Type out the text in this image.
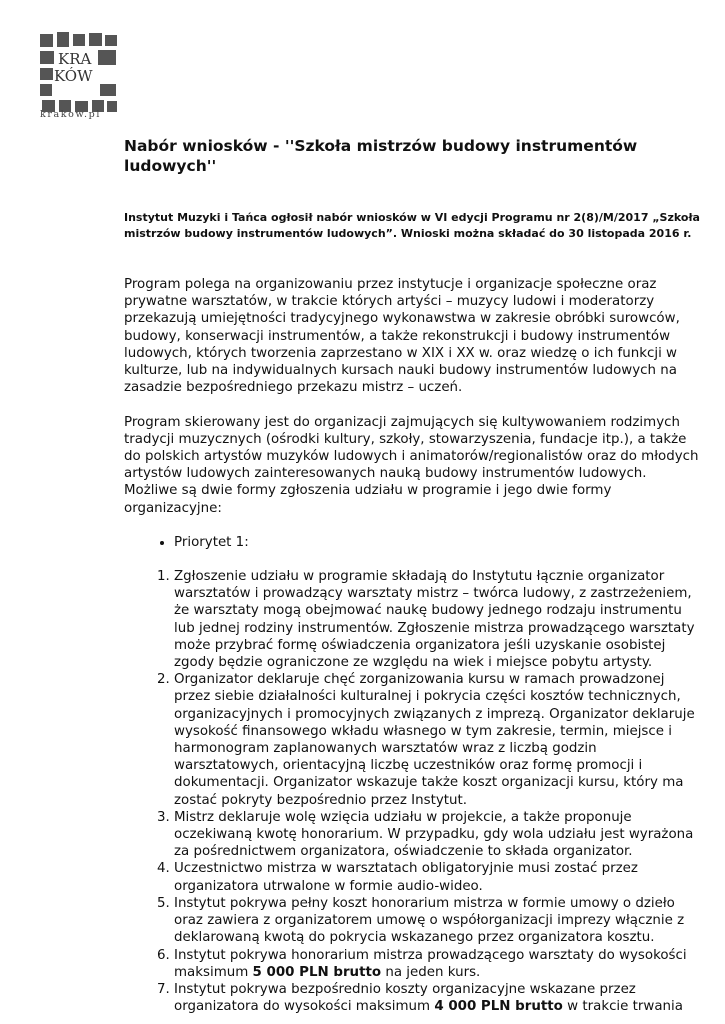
KRA
KÓW
krakow.pl
Nabór wniosków - ''Szkoła mistrzów budowy instrumentów ludowych''
Instytut Muzyki i Tańca ogłosił nabór wniosków w VI edycji Programu nr 2(8)/M/2017 „Szkoła mistrzów budowy instrumentów ludowych”. Wnioski można składać do 30 listopada 2016 r.

Program polega na organizowaniu przez instytucje i organizacje społeczne oraz prywatne warsztatów, w trakcie których artyści – muzycy ludowi i moderatorzy przekazują umiejętności tradycyjnego wykonawstwa w zakresie obróbki surowców, budowy, konserwacji instrumentów, a także rekonstrukcji i budowy instrumentów ludowych, których tworzenia zaprzestano w XIX i XX w. oraz wiedzę o ich funkcji w kulturze, lub na indywidualnych kursach nauki budowy instrumentów ludowych na zasadzie bezpośredniego przekazu mistrz – uczeń.

Program skierowany jest do organizacji zajmujących się kultywowaniem rodzimych tradycji muzycznych (ośrodki kultury, szkoły, stowarzyszenia, fundacje itp.), a także do polskich artystów muzyków ludowych i animatorów/regionalistów oraz do młodych artystów ludowych zainteresowanych nauką budowy instrumentów ludowych. Możliwe są dwie formy zgłoszenia udziału w programie i jego dwie formy organizacyjne:

• Priorytet 1:
1. Zgłoszenie udziału w programie składają do Instytutu łącznie organizator warsztatów i prowadzący warsztaty mistrz – twórca ludowy, z zastrzeżeniem, że warsztaty mogą obejmować naukę budowy jednego rodzaju instrumentu lub jednej rodziny instrumentów. Zgłoszenie mistrza prowadzącego warsztaty może przybrać formę oświadczenia organizatora jeśli uzyskanie osobistej zgody będzie ograniczone ze względu na wiek i miejsce pobytu artysty.
2. Organizator deklaruje chęć zorganizowania kursu w ramach prowadzonej przez siebie działalności kulturalnej i pokrycia części kosztów technicznych, organizacyjnych i promocyjnych związanych z imprezą. Organizator deklaruje wysokość finansowego wkładu własnego w tym zakresie, termin, miejsce i harmonogram zaplanowanych warsztatów wraz z liczbą godzin warsztatowych, orientacyjną liczbę uczestników oraz formę promocji i dokumentacji. Organizator wskazuje także koszt organizacji kursu, który ma zostać pokryty bezpośrednio przez Instytut.
3. Mistrz deklaruje wolę wzięcia udziału w projekcie, a także proponuje oczekiwaną kwotę honorarium. W przypadku, gdy wola udziału jest wyrażona za pośrednictwem organizatora, oświadczenie to składa organizator.
4. Uczestnictwo mistrza w warsztatach obligatoryjnie musi zostać przez organizatora utrwalone w formie audio-wideo.
5. Instytut pokrywa pełny koszt honorarium mistrza w formie umowy o dzieło oraz zawiera z organizatorem umowę o współorganizacji imprezy włącznie z deklarowaną kwotą do pokrycia wskazanego przez organizatora kosztu.
6. Instytut pokrywa honorarium mistrza prowadzącego warsztaty do wysokości maksimum 5 000 PLN brutto na jeden kurs.
7. Instytut pokrywa bezpośrednio koszty organizacyjne wskazane przez organizatora do wysokości maksimum 4 000 PLN brutto w trakcie trwania
